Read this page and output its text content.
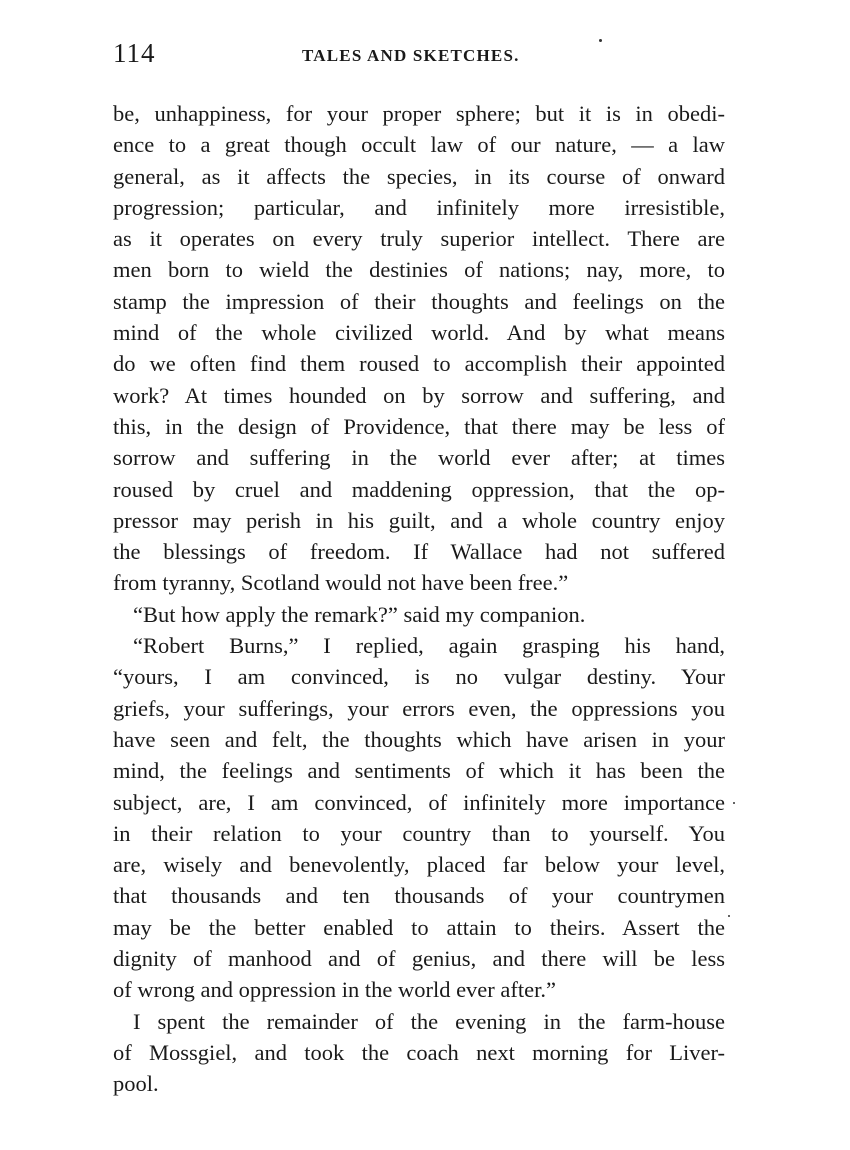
114	TALES AND SKETCHES.
be, unhappiness, for your proper sphere; but it is in obedi-
ence to a great though occult law of our nature, — a law
general, as it affects the species, in its course of onward
progression; particular, and infinitely more irresistible,
as it operates on every truly superior intellect. There are
men born to wield the destinies of nations; nay, more, to
stamp the impression of their thoughts and feelings on the
mind of the whole civilized world. And by what means
do we often find them roused to accomplish their appointed
work? At times hounded on by sorrow and suffering, and
this, in the design of Providence, that there may be less of
sorrow and suffering in the world ever after; at times
roused by cruel and maddening oppression, that the op-
pressor may perish in his guilt, and a whole country enjoy
the blessings of freedom. If Wallace had not suffered
from tyranny, Scotland would not have been free.”
“But how apply the remark?” said my companion.
“Robert Burns,” I replied, again grasping his hand,
“yours, I am convinced, is no vulgar destiny. Your
griefs, your sufferings, your errors even, the oppressions you
have seen and felt, the thoughts which have arisen in your
mind, the feelings and sentiments of which it has been the
subject, are, I am convinced, of infinitely more importance
in their relation to your country than to yourself. You
are, wisely and benevolently, placed far below your level,
that thousands and ten thousands of your countrymen
may be the better enabled to attain to theirs. Assert the
dignity of manhood and of genius, and there will be less
of wrong and oppression in the world ever after.”
I spent the remainder of the evening in the farm-house
of Mossgiel, and took the coach next morning for Liver-
pool.
